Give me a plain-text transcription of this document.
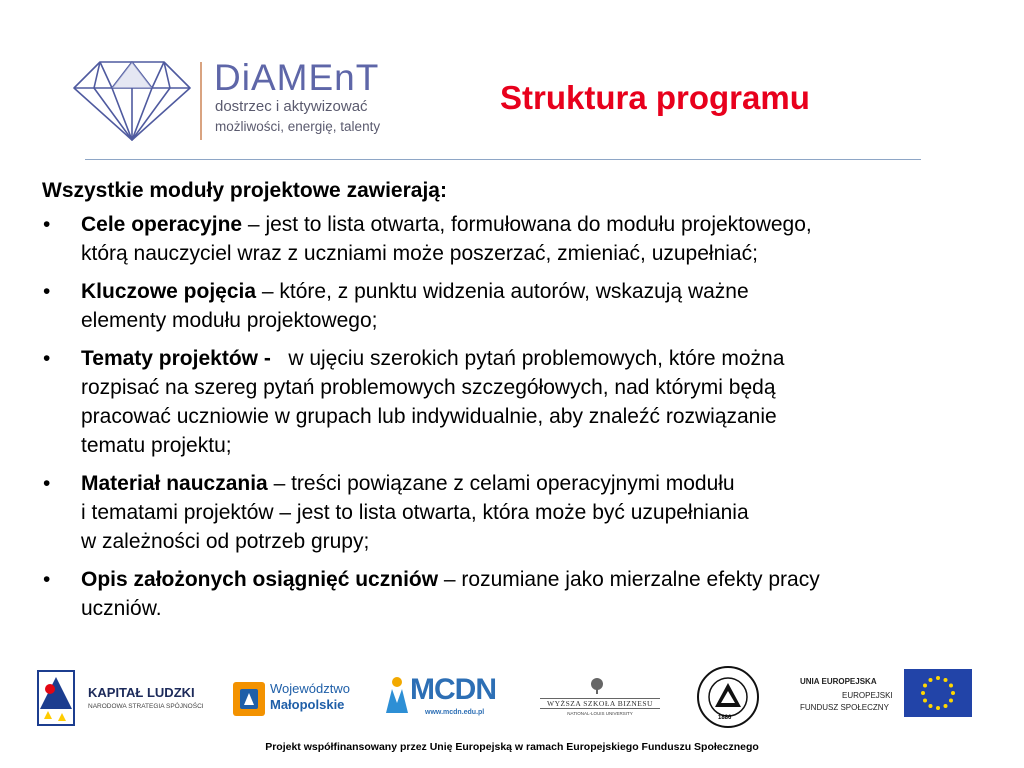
DiAMEnT
dostrzec i aktywizować
możliwości, energię, talenty
Struktura programu
Wszystkie moduły projektowe zawierają:
• Cele operacyjne – jest to lista otwarta, formułowana do modułu projektowego,
którą nauczyciel wraz z uczniami może poszerzać, zmieniać, uzupełniać;
• Kluczowe pojęcia – które, z punktu widzenia autorów, wskazują ważne
elementy modułu projektowego;
• Tematy projektów -   w ujęciu szerokich pytań problemowych, które można
rozpisać na szereg pytań problemowych szczegółowych, nad którymi będą
pracować uczniowie w grupach lub indywidualnie, aby znaleźć rozwiązanie
tematu projektu;
• Materiał nauczania – treści powiązane z celami operacyjnymi modułu
i tematami projektów – jest to lista otwarta, która może być uzupełniania
w zależności od potrzeb grupy;
• Opis założonych osiągnięć uczniów – rozumiane jako mierzalne efekty pracy
uczniów.
KAPITAŁ LUDZKI
NARODOWA STRATEGIA SPÓJNOŚCI
Województwo
Małopolskie MCDN
www.mcdn.edu.pl
WYŻSZA SZKOŁA BIZNESU
NATIONAL-LOUIS UNIVERSITY
1886
UNIA EUROPEJSKA
EUROPEJSKI
FUNDUSZ SPOŁECZNY
Projekt współfinansowany przez Unię Europejską w ramach Europejskiego Funduszu Społecznego
